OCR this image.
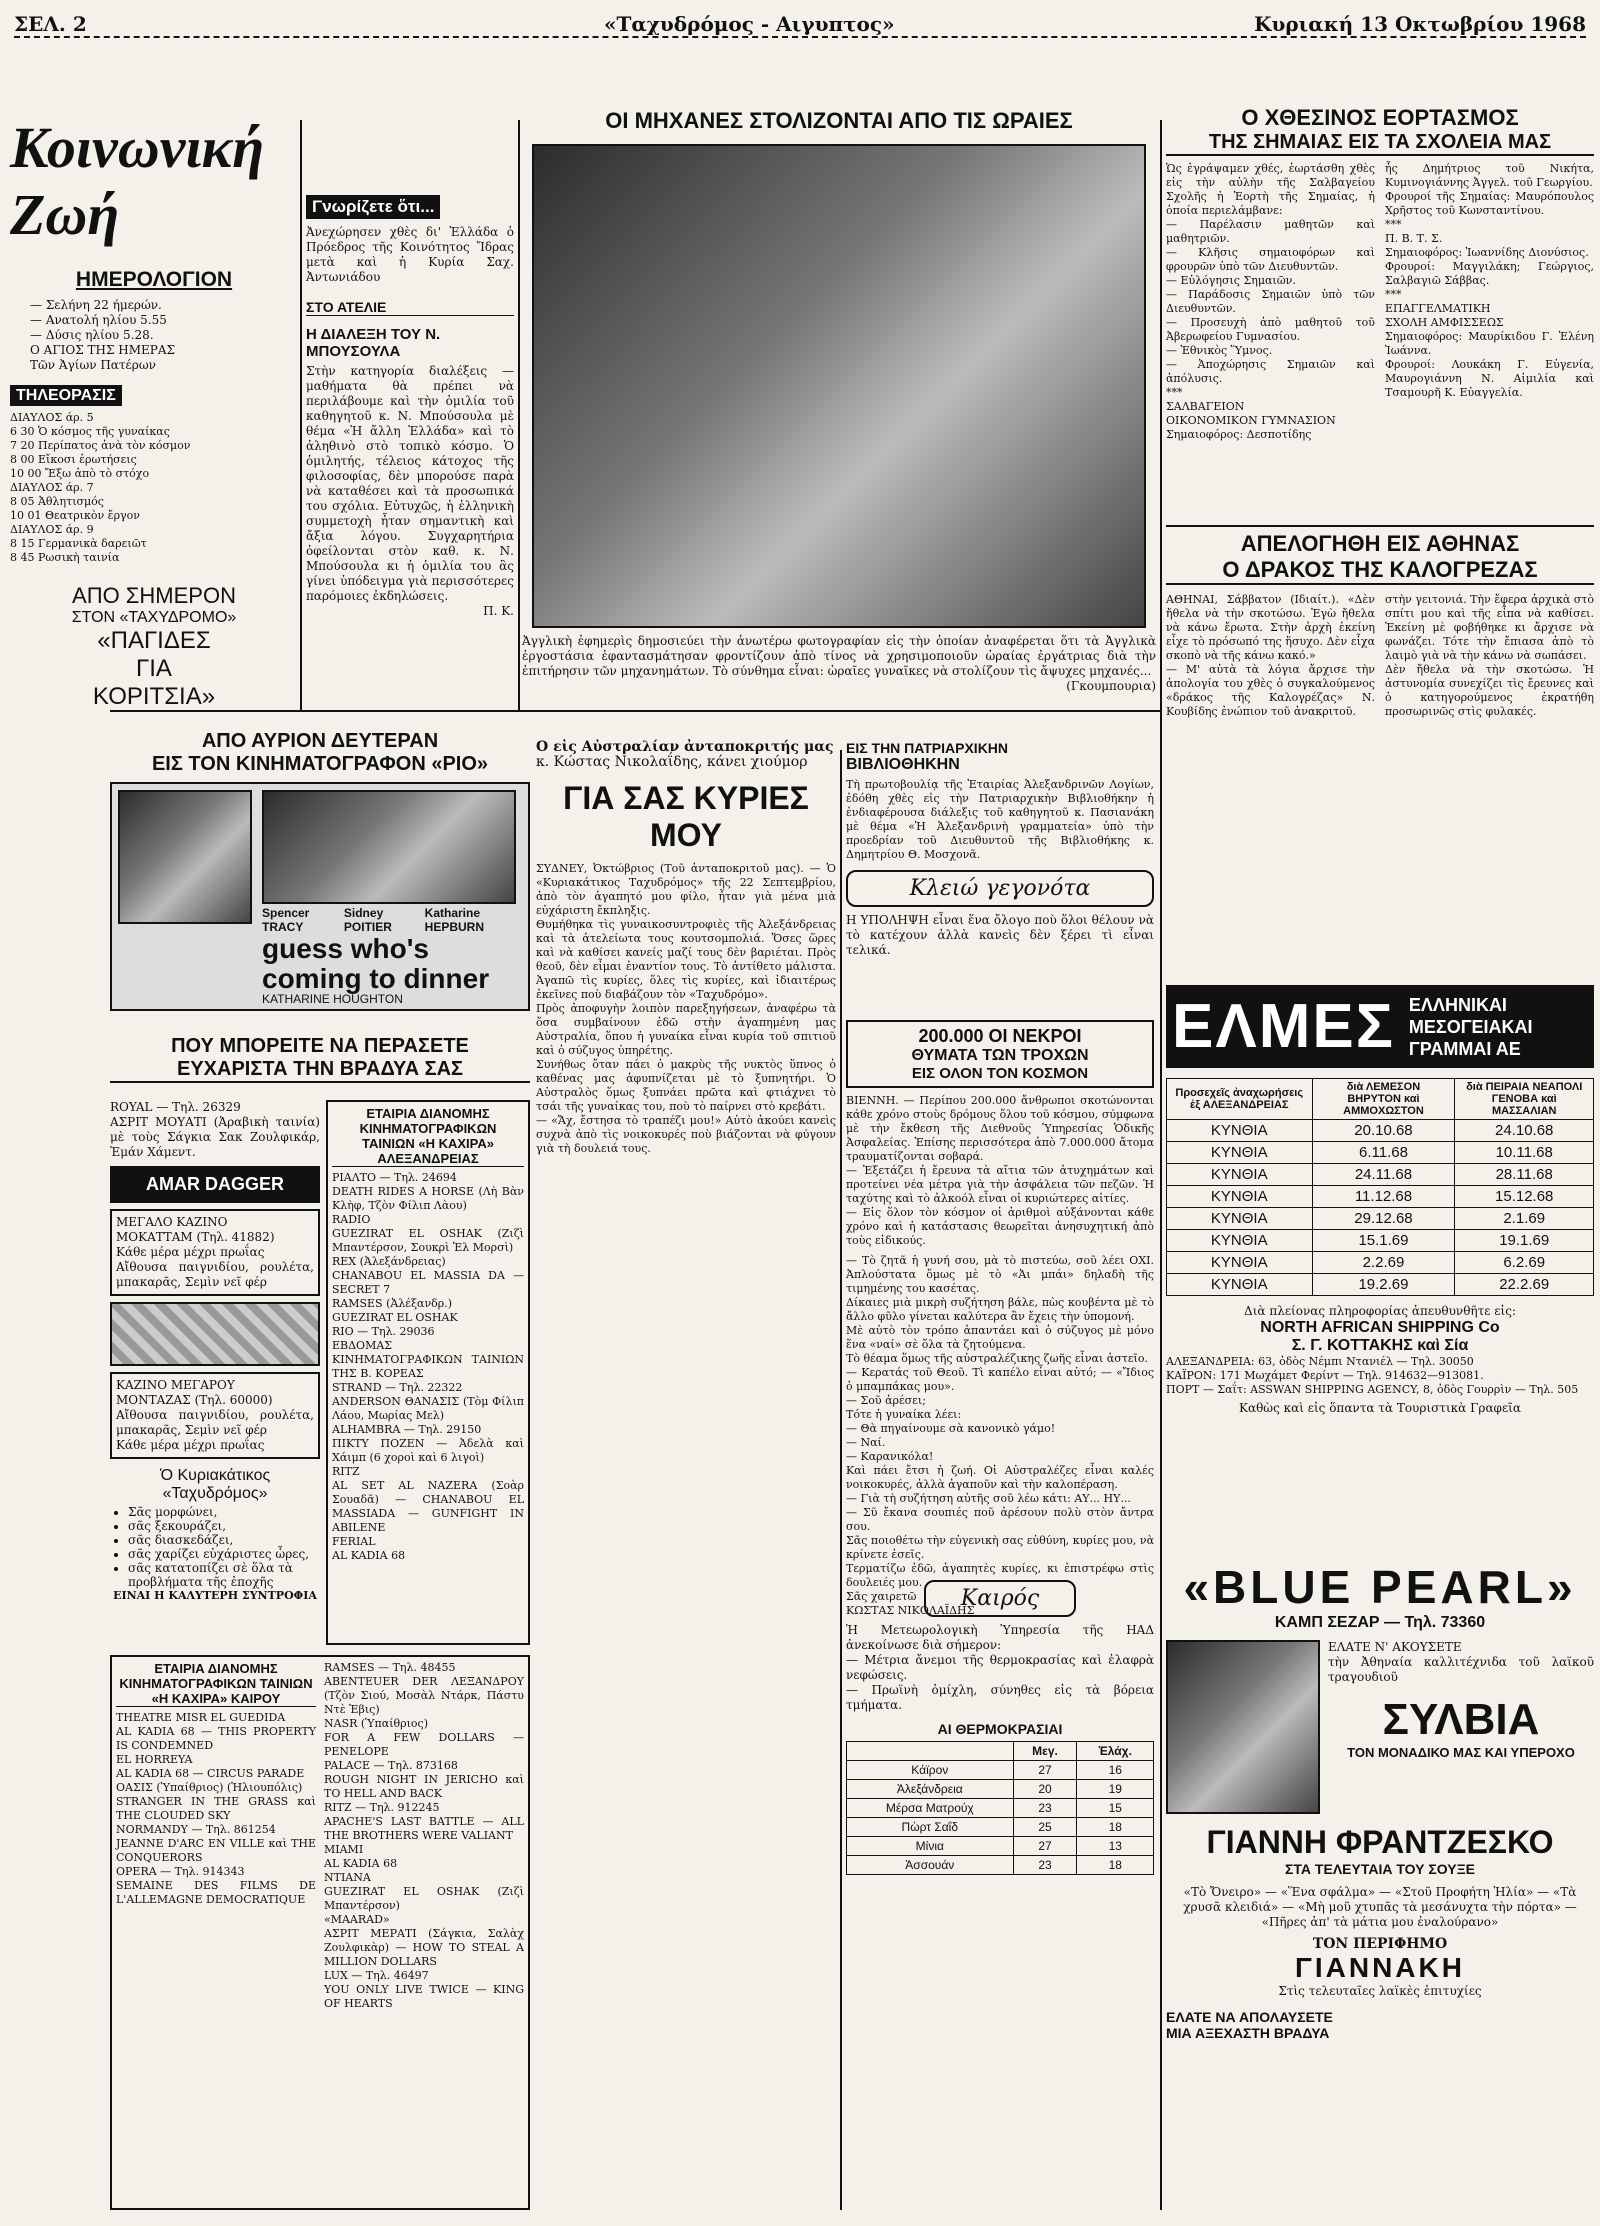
ΣΕΛ. 2	«Ταχυδρόμος - Αιγυπτος»	Κυριακή 13 Οκτωβρίου 1968
Κοινωνική Ζωή
ΗΜΕΡΟΛΟΓΙΟΝ
— Σελήνη 22 ήμερών.
— Ανατολή ηλίου 5.55
— Δύσις ηλίου 5.28.
Ο ΑΓΙΟΣ ΤΗΣ ΗΜΕΡΑΣ
Τῶν Ἀγίων Πατέρων
ΤΗΛΕΟΡΑΣΙΣ
ΔΙΑΥΛΟΣ άρ. 5
6 30 Ὁ κόσμος τῆς γυναίκας
7 20 Περίπατος ἀνὰ τὸν κόσμον
8 00 Εἴκοσι ἐρωτήσεις
10 00 Ἔξω ἀπὸ τὸ στόχο
ΔΙΑΥΛΟΣ άρ. 7
8 05 Ἀθλητισμός
10 01 Θεατρικὸν ἔργον
ΔΙΑΥΛΟΣ άρ. 9
8 15 Γερμανικὰ δαρειῶτ
8 45 Ρωσικὴ ταινία
ΑΠΟ ΣΗΜΕΡΟΝ
ΣΤΟΝ «ΤΑΧΥΔΡΟΜΟ»
«ΠΑΓΙΔΕΣ
ΓΙΑ
ΚΟΡΙΤΣΙΑ»
Γνωρίζετε ὅτι...
Ἀνεχώρησεν χθὲς δι' Ἑλλάδα ὁ Πρόεδρος τῆς Κοινότητος Ἴδρας μετὰ καὶ ἡ Κυρία Σαχ. Ἀντωνιάδου
ΣΤΟ ΑΤΕΛΙΕ
Η ΔΙΑΛΕΞΗ ΤΟΥ Ν. ΜΠΟΥΣΟΥΛΑ
Στὴν κατηγορία διαλέξεις — μαθήματα θὰ πρέπει νὰ περιλάβουμε καὶ τὴν ὁμιλία τοῦ καθηγητοῦ κ. Ν. Μπούσουλα μὲ θέμα «Ἡ ἄλλη Ἑλλάδα» καὶ τὸ ἀληθινὸ στὸ τοπικὸ κόσμο. Ὁ ὁμιλητής, τέλειος κάτοχος τῆς φιλοσοφίας, δὲν μπορούσε παρὰ νὰ καταθέσει καὶ τὰ προσωπικά του σχόλια. Εὐτυχῶς, ἡ ἑλληνικὴ συμμετοχὴ ἦταν σημαντικὴ καὶ ἄξια λόγου. Συγχαρητήρια ὀφείλονται στὸν καθ. κ. Ν. Μπούσουλα κι ἡ ὁμιλία του ἂς γίνει ὑπόδειγμα γιὰ περισσότερες παρόμοιες ἐκδηλώσεις.
Π. Κ.
ΟΙ ΜΗΧΑΝΕΣ ΣΤΟΛΙΖΟΝΤΑΙ ΑΠΟ ΤΙΣ ΩΡΑΙΕΣ
Ἀγγλικὴ ἐφημερὶς δημοσιεύει τὴν ἀνωτέρω φωτογραφίαν εἰς τὴν ὁποίαν ἀναφέρεται ὅτι τὰ Ἀγγλικὰ ἐργοστάσια ἐφαντασμάτησαν φροντίζουν ἀπὸ τίνος νὰ χρησιμοποιοῦν ὡραίας ἐργάτριας διὰ τὴν ἐπιτήρησιν τῶν μηχανημάτων. Τὸ σύνθημα εἶναι: ὡραῖες γυναῖκες νὰ στολίζουν τὶς ἄψυχες μηχανές...
(Γκουμπουρια)
Ο ΧΘΕΣΙΝΟΣ ΕΟΡΤΑΣΜΟΣ
ΤΗΣ ΣΗΜΑΙΑΣ ΕΙΣ ΤΑ ΣΧΟΛΕΙΑ ΜΑΣ
Ὡς ἐγράψαμεν χθές, ἐωρτάσθη χθὲς εἰς τὴν αὐλὴν τῆς Σαλβαγείου Σχολῆς ἡ Ἑορτὴ τῆς Σημαίας, ἡ ὁποία περιελάμβανε:
— Παρέλασιν μαθητῶν καὶ μαθητριῶν.
— Κλῆσις σημαιοφόρων καὶ φρουρῶν ὑπὸ τῶν Διευθυντῶν.
— Εὐλόγησις Σημαιῶν.
— Παράδοσις Σημαιῶν ὑπὸ τῶν Διευθυντῶν.
— Προσευχὴ ἀπὸ μαθητοῦ τοῦ Ἀβερωφείου Γυμνασίου.
— Ἐθνικὸς Ὕμνος.
— Ἀποχώρησις Σημαιῶν καὶ ἀπόλυσις.
***
ΣΑΛΒΑΓΕΙΟΝ
ΟΙΚΟΝΟΜΙΚΟΝ ΓΥΜΝΑΣΙΟΝ
Σημαιοφόρος: Δεσποτίδης
ἧς Δημήτριος τοῦ Νικήτα, Κυμινογιάννης Ἀγγελ. τοῦ Γεωργίου.
Φρουροί τῆς Σημαίας: Μαυρόπουλος Χρῆστος τοῦ Κωνσταντίνου.
***
Π. Β. Τ. Σ.
Σημαιοφόρος: Ἰωαννίδης Διονύσιος.
Φρουροί: Μαγγιλάκη; Γεώργιος, Σαλβαγιῶ Σάββας.
***
ΕΠΑΓΓΕΛΜΑΤΙΚΗ
ΣΧΟΛΗ ΑΜΦΙΣΣΕΩΣ
Σημαιοφόρος: Μαυρίκιδου Γ. Ἑλένη Ἰωάννα.
Φρουροί: Λουκάκη Γ. Εὐγενία, Μαυρογιάννη Ν. Αἰμιλία καὶ Τσαμουρῆ Κ. Εὐαγγελία.
ΑΠΕΛΟΓΗΘΗ ΕΙΣ ΑΘΗΝΑΣ
Ο ΔΡΑΚΟΣ ΤΗΣ ΚΑΛΟΓΡΕΖΑΣ
ΑΘΗΝΑΙ, Σάββατον (Ιδιαίτ.). «Δὲν ἤθελα νὰ τὴν σκοτώσω. Ἐγὼ ἤθελα νὰ κάνω ἔρωτα. Στὴν ἀρχὴ ἐκείνη εἶχε τὸ πρόσωπό της ἥσυχο. Δὲν εἶχα σκοπὸ νὰ τῆς κάνω κακό.»
— Μ' αὐτὰ τὰ λόγια ἄρχισε τὴν ἀπολογία του χθὲς ὁ συγκαλούμενος «δράκος τῆς Καλογρέζας» Ν. Κουβίδης ἐνώπιον τοῦ ἀνακριτοῦ.
στὴν γειτονιά. Τὴν ἔφερα ἀρχικὰ στὸ σπίτι μου καὶ τῆς εἶπα νὰ καθίσει. Ἐκείνη μὲ φοβήθηκε κι ἄρχισε νὰ φωνάζει. Τότε τὴν ἔπιασα ἀπὸ τὸ λαιμὸ γιὰ νὰ τὴν κάνω νὰ σωπάσει.
Δὲν ἤθελα νὰ τὴν σκοτώσω. Ἡ ἀστυνομία συνεχίζει τὶς ἔρευνες καὶ ὁ κατηγορούμενος ἐκρατήθη προσωρινῶς στὶς φυλακές.
ΑΠΟ ΑΥΡΙΟΝ ΔΕΥΤΕΡΑΝ
ΕΙΣ ΤΟΝ ΚΙΝΗΜΑΤΟΓΡΑΦΟΝ «ΡΙΟ»
Spencer TRACY
Sidney POITIER
Katharine HEPBURN
guess who's coming to dinner
KATHARINE HOUGHTON
ΠΟΥ ΜΠΟΡΕΙΤΕ ΝΑ ΠΕΡΑΣΕΤΕ
ΕΥΧΑΡΙΣΤΑ ΤΗΝ ΒΡΑΔΥΑ ΣΑΣ
ROYAL — Τηλ. 26329
ΑΣΡΙΤ ΜΟΥΑΤΙ (Ἀραβικὴ ταινία) μὲ τοὺς Σάγκια Σακ Ζουλφικάρ, Ἐμάν Χάμεντ.
AMAR DAGGER
ΜΕΓΑΛΟ ΚΑΖΙΝΟ
ΜΟΚΑΤΤΑΜ (Τηλ. 41882)
Κάθε μέρα μέχρι πρωΐας
Αἴθουσα παιγνιδίου, ρουλέτα, μπακαρᾶς, Σεμὶν νεῖ φέρ
ΚΑΖΙΝΟ ΜΕΓΑΡΟΥ
ΜΟΝΤΑΖΑΣ (Τηλ. 60000)
Αἴθουσα παιγνιδίου, ρουλέτα, μπακαρᾶς, Σεμὶν νεῖ φέρ
Κάθε μέρα μέχρι πρωΐας
Ὁ Κυριακάτικος «Ταχυδρόμος»
• Σᾶς μορφώνει,
• σᾶς ξεκουράζει,
• σᾶς διασκεδάζει,
• σᾶς χαρίζει εὐχάριστες ὧρες,
• σᾶς κατατοπίζει σὲ ὅλα τὰ προβλήματα τῆς ἐποχῆς
ΕΙΝΑΙ Η ΚΑΛΥΤΕΡΗ ΣΥΝΤΡΟΦΙΑ
ΕΤΑΙΡΙΑ ΔΙΑΝΟΜΗΣ ΚΙΝΗΜΑΤΟΓΡΑΦΙΚΩΝ ΤΑΙΝΙΩΝ «Η ΚΑΧΙΡΑ» ΑΛΕΞΑΝΔΡΕΙΑΣ
ΡΙΑΛΤΟ — Τηλ. 24694
DEATH RIDES A HORSE (Λὴ Βὰν Κλὴφ, Τζὸν Φίλιπ Λὰου)
RADIO
GUEZIRAT EL OSHAK (Ζιζὶ Μπαντέρσον, Σουκρὶ Ἐλ Μορσὶ)
REX (Ἀλεξάνδρειας)
CHANABOU EL MASSIA DA — SECRET 7
RAMSES (Ἀλέξανδρ.)
GUEZIRAT EL OSHAK
RIO — Τηλ. 29036
ΕΒΔΟΜΑΣ ΚΙΝΗΜΑΤΟΓΡΑΦΙΚΩΝ ΤΑΙΝΙΩΝ ΤΗΣ Β. ΚΟΡΕΑΣ
STRAND — Τηλ. 22322
ANDERSON ΘΑΝΑΣΙΣ (Τὸμ Φίλιπ Λάου, Μωρίας Μελ)
ALHAMBRA — Τηλ. 29150
ΠΙΚΤΥ ΠΟΖΕΝ — Ἀδελὰ καὶ Χάιμπ (6 χοροὶ καὶ 6 λιγοὶ)
RITZ
AL SET AL NAZERA (Σοὰρ Σουαδᾶ) — CHANABOU EL MASSIADA — GUNFIGHT IN ABILENE
FERIAL
AL KADIA 68
ΕΤΑΙΡΙΑ ΔΙΑΝΟΜΗΣ ΚΙΝΗΜΑΤΟΓΡΑΦΙΚΩΝ ΤΑΙΝΙΩΝ «Η ΚΑΧΙΡΑ» ΚΑΙΡΟΥ
THEATRE MISR EL GUEDIDA
AL KADIA 68 — THIS PROPERTY IS CONDEMNED
EL HORREYA
AL KADIA 68 — CIRCUS PARADE
ΟΑΣΙΣ (Ὑπαίθριος) (Ἡλιουπόλις)
STRANGER IN THE GRASS καὶ THE CLOUDED SKY
NORMANDY — Τηλ. 861254
JEANNE D'ARC EN VILLE καὶ THE CONQUERORS
OPERA — Τηλ. 914343
SEMAINE DES FILMS DE L'ALLEMAGNE DEMOCRATIQUE
RAMSES — Τηλ. 48455
ABENTEUER DER ΛΕΞΑΝΔΡΟΥ (Τζὸν Σιού, Μοσὰλ Ντάρκ, Πάστυ Ντὲ Ἐβις)
NASR (Ὑπαίθριος)
FOR A FEW DOLLARS — PENELOPE
PALACE — Τηλ. 873168
ROUGH NIGHT IN JERICHO καὶ TO HELL AND BACK
RITZ — Τηλ. 912245
APACHE'S LAST BATTLE — ALL THE BROTHERS WERE VALIANT
MIAMI
AL KADIA 68
ΝΤΙΑΝΑ
GUEZIRAT EL OSHAK (Ζιζὶ Μπαντέρσον)
«MAARAD»
ΑΣΡΙΤ ΜΕΡΑΤΙ (Σάγκια, Σαλὰχ Ζουλφικὰρ) — HOW TO STEAL A MILLION DOLLARS
LUX — Τηλ. 46497
YOU ONLY LIVE TWICE — KING OF HEARTS
Ο εἰς Αὐστραλίαν ἀνταποκριτής μας
κ. Κώστας Νικολαΐδης, κάνει χιούμορ
ΓΙΑ ΣΑΣ ΚΥΡΙΕΣ ΜΟΥ
ΣΥΔΝΕΥ, Ὀκτώβριος (Τοῦ ἀνταποκριτοῦ μας). — Ὁ «Κυριακάτικος Ταχυδρόμος» τῆς 22 Σεπτεμβρίου, ἀπὸ τὸν ἀγαπητό μου φίλο, ἦταν γιὰ μένα μιὰ εὐχάριστη ἔκπληξις.
Θυμήθηκα τὶς γυναικοσυντροφιὲς τῆς Ἀλεξάνδρειας καὶ τὰ ἀτελείωτα τους κουτσομπολιά. Ὅσες ὥρες καὶ νὰ καθίσει κανείς μαζί τους δὲν βαριέται. Πρὸς θεοῦ, δὲν εἶμαι ἐναντίον τους. Τὸ ἀντίθετο μάλιστα. Ἀγαπῶ τὶς κυρίες, ὅλες τὶς κυρίες, καὶ ἰδιαιτέρως ἐκεῖνες ποὺ διαβάζουν τὸν «Ταχυδρόμο».
Πρὸς ἀποφυγὴν λοιπὸν παρεξηγήσεων, ἀναφέρω τὰ ὅσα συμβαίνουν ἐδῶ στὴν ἀγαπημένη μας Αὐστραλία, ὅπου ἡ γυναίκα εἶναι κυρία τοῦ σπιτιοῦ καὶ ὁ σύζυγος ὑπηρέτης.
Συνήθως ὅταν πάει ὁ μακρὺς τῆς νυκτὸς ὕπνος ὁ καθένας μας ἀφυπνίζεται μὲ τὸ ξυπνητήρι. Ὁ Αὐστραλὸς ὅμως ξυπνάει πρῶτα καὶ φτιάχνει τὸ τσάι τῆς γυναίκας του, ποὺ τὸ παίρνει στὸ κρεβάτι.
— «Ἄχ, ἔστησα τὸ τραπέζι μου!» Αὐτὸ ἀκούει κανεὶς συχνὰ ἀπὸ τὶς νοικοκυρές ποὺ βιάζονται νὰ φύγουν γιὰ τὴ δουλειά τους.
ΕΙΣ ΤΗΝ ΠΑΤΡΙΑΡΧΙΚΗΝ
ΒΙΒΛΙΟΘΗΚΗΝ
Τὴ πρωτοβουλίᾳ τῆς Ἐταιρίας Ἀλεξανδρινῶν Λογίων, ἐδόθη χθὲς εἰς τὴν Πατριαρχικὴν Βιβλιοθήκην ἡ ἐνδιαφέρουσα διάλεξις τοῦ καθηγητοῦ κ. Πασιανάκη μὲ θέμα «Ἡ Ἀλεξανδρινὴ γραμματεία» ὑπὸ τὴν προεδρίαν τοῦ Διευθυντοῦ τῆς Βιβλιοθήκης κ. Δημητρίου Θ. Μοσχονᾶ.
Κλειώ γεγονότα
Η ΥΠΟΛΗΨΗ εἶναι ἕνα ὄλογο ποὺ ὅλοι θέλουν νὰ τὸ κατέχουν ἀλλὰ κανεὶς δὲν ξέρει τὶ εἶναι τελικά.
200.000 ΟΙ ΝΕΚΡΟΙ
ΘΥΜΑΤΑ ΤΩΝ ΤΡΟΧΩΝ
ΕΙΣ ΟΛΟΝ ΤΟΝ ΚΟΣΜΟΝ
ΒΙΕΝΝΗ. — Περίπου 200.000 ἄνθρωποι σκοτώνονται κάθε χρόνο στοὺς δρόμους ὅλου τοῦ κόσμου, σύμφωνα μὲ τὴν ἔκθεση τῆς Διεθνοῦς Ὑπηρεσίας Ὁδικῆς Ἀσφαλείας. Ἐπίσης περισσότερα ἀπὸ 7.000.000 ἄτομα τραυματίζονται σοβαρά.
— Ἐξετάζει ἡ ἔρευνα τὰ αἴτια τῶν ἀτυχημάτων καὶ προτείνει νέα μέτρα γιὰ τὴν ἀσφάλεια τῶν πεζῶν. Ἡ ταχύτης καὶ τὸ ἀλκοόλ εἶναι οἱ κυριώτερες αἰτίες.
— Εἰς ὅλον τὸν κόσμον οἱ ἀριθμοὶ αὐξάνονται κάθε χρόνο καὶ ἡ κατάστασις θεωρεῖται ἀνησυχητική ἀπὸ τοὺς εἰδικούς.
— Τὸ ζητᾶ ἡ γυνή σου, μὰ τὸ πιστεύω, σοῦ λέει ΟΧΙ. Ἀπλούστατα ὅμως μὲ τὸ «Ἀι μπάι» δηλαδὴ τῆς τιμημένης του κασέτας.
Δίκαιες μιὰ μικρὴ συζήτηση βάλε, πὼς κουβέντα μὲ τὸ ἄλλο φῦλο γίνεται καλύτερα ἂν ἔχεις τὴν ὑπομονή.
Μὲ αὐτὸ τὸν τρόπο ἀπαντάει καὶ ὁ σύζυγος μὲ μόνο ἕνα «ναί» σὲ ὅλα τὰ ζητούμενα.
Τὸ θέαμα ὅμως τῆς αὐστραλέζικης ζωῆς εἶναι ἀστεῖο.
— Κερατάς τοῦ Θεοῦ. Τὶ καπέλο εἶναι αὐτό; — «Ἴδιος ὁ μπαμπάκας μου».
— Σοῦ ἀρέσει;
Τότε ἡ γυναίκα λέει:
— Θὰ πηγαίνουμε σὰ κανονικὸ γάμο!
— Ναί.
— Καρανικόλα!
Καὶ πάει ἔτσι ἡ ζωή. Οἱ Αὐστραλέζες εἶναι καλές νοικοκυρές, ἀλλὰ ἀγαποῦν καὶ τὴν καλοπέραση.
— Γιὰ τὴ συζήτηση αὐτῆς σοῦ λέω κάτι: ΑΥ... ΗΥ...
— Σῦ ἔκανα σουπιές ποῦ ἀρέσουν πολὺ στὸν ἄντρα σου.
Σᾶς ποιοθέτω τὴν εὐγενικὴ σας εὐθύνη, κυρίες μου, νὰ κρίνετε ἐσεῖς.
Τερματίζω ἐδῶ, ἀγαπητὲς κυρίες, κι ἐπιστρέφω στὶς δουλειές μου.
Σᾶς χαιρετῶ
ΚΩΣΤΑΣ ΝΙΚΟΛΑΪΔΗΣ
Καιρός
Ἡ Μετεωρολογικὴ Ὑπηρεσία τῆς ΗΑΔ ἀνεκοίνωσε διὰ σήμερον:
— Μέτρια ἄνεμοι τῆς θερμοκρασίας καὶ ἐλαφρὰ νεφώσεις.
— Πρωϊνὴ ὀμίχλη, σύνηθες εἰς τὰ βόρεια τμήματα.
ΑΙ ΘΕΡΜΟΚΡΑΣΙΑΙ
	Μεγ.	Ἐλάχ.
Κάϊρον	27	16
Ἀλεξάνδρεια	20	19
Μέρσα Ματρούχ	23	15
Πὼρτ Σαΐδ	25	18
Μίνια	27	13
Ἀσσουάν	23	18
ΕΛΜΕΣ ΕΛΛΗΝΙΚΑΙ
ΜΕΣΟΓΕΙΑΚΑΙ
ΓΡΑΜΜΑΙ ΑΕ
Προσεχεῖς ἀναχωρήσεις ἐξ ΑΛΕΞΑΝΔΡΕΙΑΣ	διὰ ΛΕΜΕΣΟΝ ΒΗΡΥΤΟΝ καὶ ΑΜΜΟΧΩΣΤΟΝ	διὰ ΠΕΙΡΑΙΑ ΝΕΑΠΟΛΙ ΓΕΝΟΒΑ καὶ ΜΑΣΣΑΛΙΑΝ
ΚΥΝΘΙΑ	20.10.68	24.10.68
ΚΥΝΘΙΑ	6.11.68	10.11.68
ΚΥΝΘΙΑ	24.11.68	28.11.68
ΚΥΝΘΙΑ	11.12.68	15.12.68
ΚΥΝΘΙΑ	29.12.68	2.1.69
ΚΥΝΘΙΑ	15.1.69	19.1.69
ΚΥΝΘΙΑ	2.2.69	6.2.69
ΚΥΝΘΙΑ	19.2.69	22.2.69
Διὰ πλείονας πληροφορίας ἀπευθυνθῆτε εἰς:
NORTH AFRICAN SHIPPING Co
Σ. Γ. ΚΟΤΤΑΚΗΣ καὶ Σία
ΑΛΕΞΑΝΔΡΕΙΑ: 63, ὁδὸς Νέμπι Ντανιέλ — Τηλ. 30050
ΚΑΪΡΟΝ: 171 Μωχάμετ Φερίντ — Τηλ. 914632—913081.
ΠΟΡΤ — Σαΐτ: ASSWAN SHIPPING AGENCY, 8, ὁδὸς Γουρρὶν — Τηλ. 505
Καθὼς καὶ εἰς ὅπαντα τὰ Τουριστικὰ Γραφεῖα
«BLUE PEARL»
ΚΑΜΠ ΣΕΖΑΡ — Τηλ. 73360
ΕΛΑΤΕ Ν' ΑΚΟΥΣΕΤΕ
τὴν Ἀθηναία καλλιτέχνιδα τοῦ λαϊκοῦ τραγουδιοῦ
ΣΥΛΒΙΑ
ΤΟΝ ΜΟΝΑΔΙΚΟ ΜΑΣ ΚΑΙ ΥΠΕΡΟΧΟ
ΓΙΑΝΝΗ ΦΡΑΝΤΖΕΣΚΟ
ΣΤΑ ΤΕΛΕΥΤΑΙΑ ΤΟΥ ΣΟΥΞΕ
«Τὸ Ὄνειρο» — «Ἕνα σφάλμα» — «Στοῦ Προφήτη Ἡλία» — «Τὰ χρυσᾶ κλειδιά» — «Μὴ μοῦ χτυπᾶς τὰ μεσάνυχτα τὴν πόρτα» — «Πῆρες ἀπ' τὰ μάτια μου ἐναλούρανο»
ΤΟΝ ΠΕΡΙΦΗΜΟ
ΓΙΑΝΝΑΚΗ
Στὶς τελευταῖες λαϊκὲς ἐπιτυχίες
ΕΛΑΤΕ ΝΑ ΑΠΟΛΑΥΣΕΤΕ
ΜΙΑ ΑΞΕΧΑΣΤΗ ΒΡΑΔΥΑ
